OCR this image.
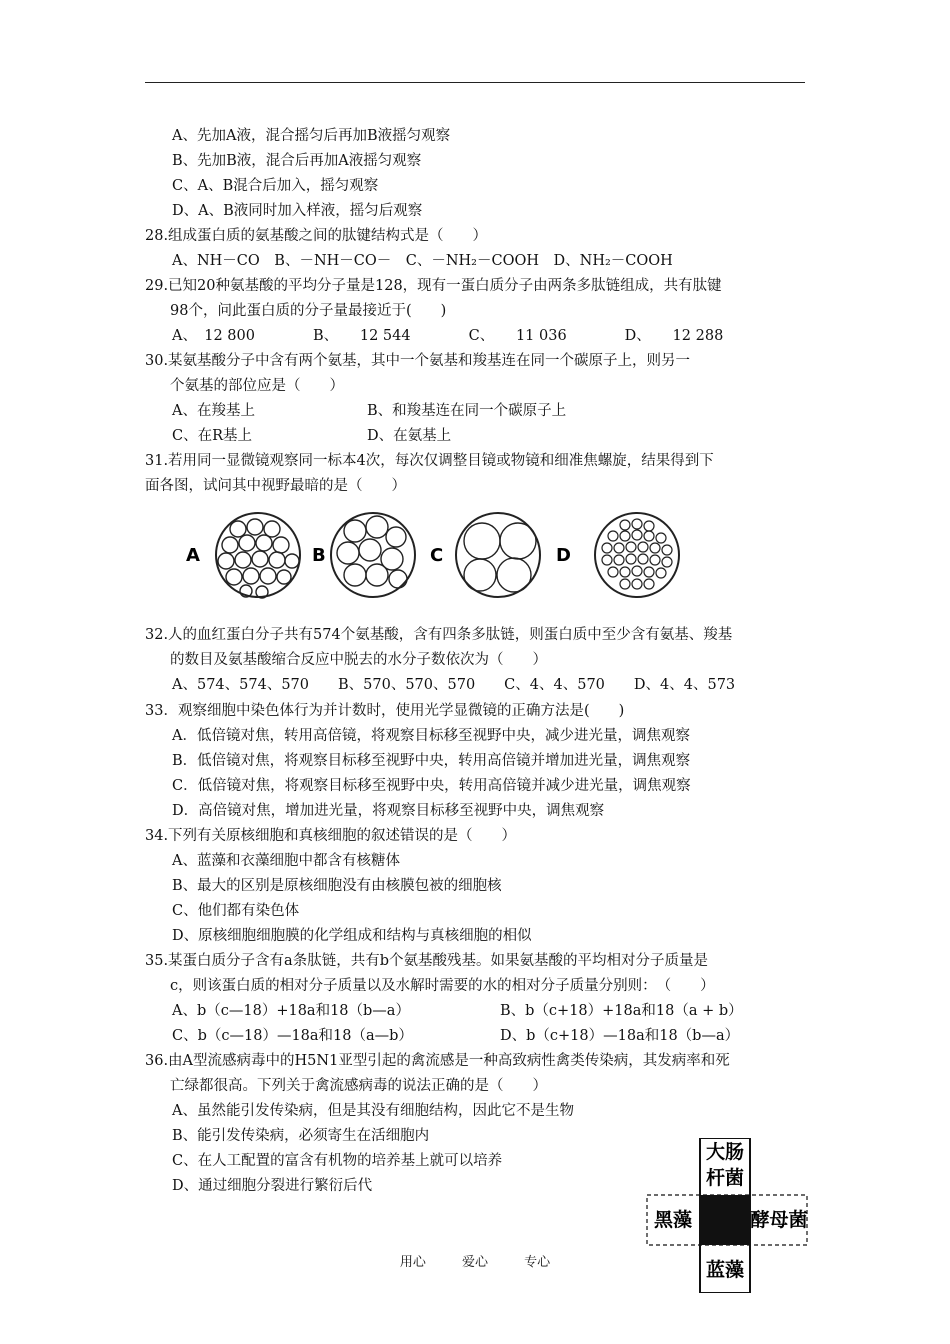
A、先加A液，混合摇匀后再加B液摇匀观察
B、先加B液，混合后再加A液摇匀观察
C、A、B混合后加入，摇匀观察
D、A、B液同时加入样液，摇匀后观察
28.组成蛋白质的氨基酸之间的肽键结构式是（　　）
A、NH－CO　B、－NH－CO－　C、－NH₂－COOH　D、NH₂－COOH
29.已知20种氨基酸的平均分子量是128，现有一蛋白质分子由两条多肽链组成，共有肽键
98个，问此蛋白质的分子量最接近于(　　)
A、　12 800　　　　B、　　12 544　　　　C、　　11 036　　　　D、　　12 288
30.某氨基酸分子中含有两个氨基，其中一个氨基和羧基连在同一个碳原子上，则另一
个氨基的部位应是（　　）
A、在羧基上	B、和羧基连在同一个碳原子上
C、在R基上	D、在氨基上
31.若用同一显微镜观察同一标本4次，每次仅调整目镜或物镜和细准焦螺旋，结果得到下
面各图，试问其中视野最暗的是（　　）
A	B	C	D
32.人的血红蛋白分子共有574个氨基酸，含有四条多肽链，则蛋白质中至少含有氨基、羧基
的数目及氨基酸缩合反应中脱去的水分子数依次为（　　）
A、574、574、570　　B、570、570、570　　C、4、4、570　　D、4、4、573
33．观察细胞中染色体行为并计数时，使用光学显微镜的正确方法是(　　)
A．低倍镜对焦，转用高倍镜，将观察目标移至视野中央，减少进光量，调焦观察
B．低倍镜对焦，将观察目标移至视野中央，转用高倍镜并增加进光量，调焦观察
C．低倍镜对焦，将观察目标移至视野中央，转用高倍镜并减少进光量，调焦观察
D．高倍镜对焦，增加进光量，将观察目标移至视野中央，调焦观察
34.下列有关原核细胞和真核细胞的叙述错误的是（　　）
A、蓝藻和衣藻细胞中都含有核糖体
B、最大的区别是原核细胞没有由核膜包被的细胞核
C、他们都有染色体
D、原核细胞细胞膜的化学组成和结构与真核细胞的相似
35.某蛋白质分子含有a条肽链，共有b个氨基酸残基。如果氨基酸的平均相对分子质量是
c，则该蛋白质的相对分子质量以及水解时需要的水的相对分子质量分别则：　（　　）
A、b（c—18）+18a和18（b—a）	B、b（c+18）+18a和18（a + b）
C、b（c—18）—18a和18（a—b）	D、b（c+18）—18a和18（b—a）
36.由A型流感病毒中的H5N1亚型引起的禽流感是一种高致病性禽类传染病，其发病率和死
亡绿都很高。下列关于禽流感病毒的说法正确的是（　　）
A、虽然能引发传染病，但是其没有细胞结构，因此它不是生物
B、能引发传染病，必须寄生在活细胞内
C、在人工配置的富含有机物的培养基上就可以培养
D、通过细胞分裂进行繁衍后代
大肠
杆菌
黑藻	酵母菌
蓝藻
用心	爱心	专心
